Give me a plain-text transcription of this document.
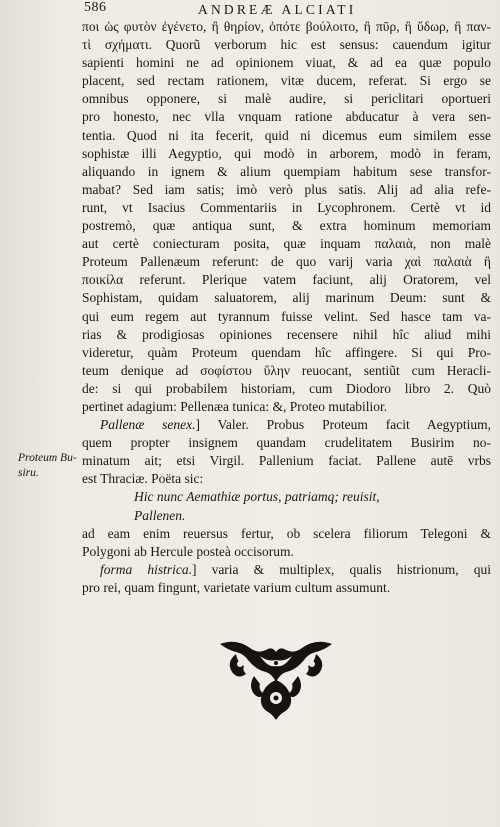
586	ANDREÆ ALCIATI
ποι ὡς φυτὸν ἐγένετο, ἢ θηρίον, ὁπότε βούλοιτο, ἢ πῦρ, ἢ ὕδωρ, ἢ παν-
τὶ σχήματι. Quorũ verborum hic est sensus: cauendum igitur
sapienti homini ne ad opinionem viuat, & ad ea quæ populo
placent, sed rectam rationem, vitæ ducem, referat. Si ergo se
omnibus opponere, si malè audire, si periclitari oportueri
pro honesto, nec vlla vnquam ratione abducatur à vera sen-
tentia. Quod ni ita fecerit, quid ni dicemus eum similem esse
sophistæ illi Aegyptio, qui modò in arborem, modò in feram,
aliquando in ignem & alium quempiam habitum sese transfor-
mabat? Sed iam satis; imò verò plus satis. Alij ad alia refe-
runt, vt Isacius Commentariis in Lycophronem. Certè vt id
postremò, quæ antiqua sunt, & extra hominum memoriam
aut certè coniecturam posita, quæ inquam παλαιὰ, non malè
Proteum Pallenæum referunt: de quo varij varia χαὶ παλαιὰ ἢ
ποικίλα referunt. Plerique vatem faciunt, alij Oratorem, vel
Sophistam, quidam saluatorem, alij marinum Deum: sunt &
qui eum regem aut tyrannum fuisse velint. Sed hasce tam va-
rias & prodigiosas opiniones recensere nihil hîc aliud mihi
videretur, quàm Proteum quendam hîc affingere. Si qui Pro-
teum denique ad σοφίστου ὕλην reuocant, sentiũt cum Heracli-
de: si qui probabilem historiam, cum Diodoro libro 2. Quò
pertinet adagium: Pellenæa tunica: &, Proteo mutabilior.
Pallenæ senex.] Valer. Probus Proteum facit Aegyptium,
quem propter insignem quandam crudelitatem Busirim no-
minatum ait; etsi Virgil. Pallenium faciat. Pallene autē vrbs
est Thraciæ. Poëta sic:
Hic nunc Aemathiæ portus, patriamq; reuisit,
Pallenen.
ad eam enim reuersus fertur, ob scelera filiorum Telegoni &
Polygoni ab Hercule posteà occisorum.
forma histrica.] varia & multiplex, qualis histrionum, qui
pro rei, quam fingunt, varietate varium cultum assumunt.
Proteum Bu-
siru.
